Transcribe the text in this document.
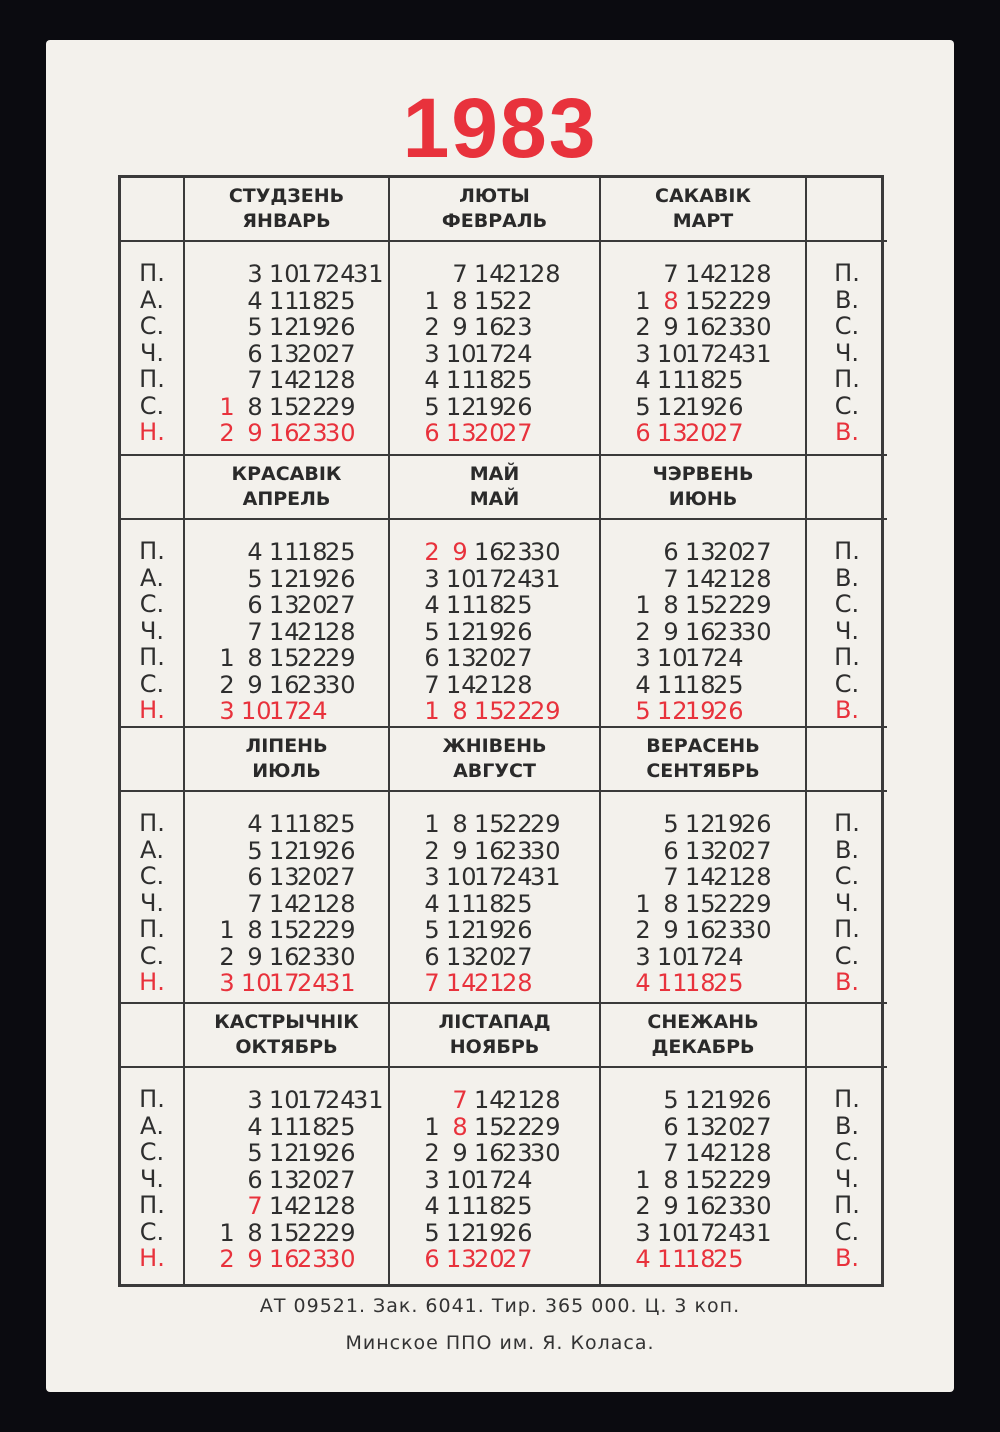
1983
СТУДЗЕНЬ
ЯНВАРЬ
ЛЮТЫ
ФЕВРАЛЬ
САКАВІК
МАРТ
П.
А.
С.
Ч.
П.
С.
Н.
3 10
17
24
31
4 11
18
25
5 12
19
26
6 13
20
27
7 14
21
28
1 8 15
22
29
2 9 16
23
30
7 14
21
28
1 8 15
22
2 9 16
23
3 10
17
24
4 11
18
25
5 12
19
26
6 13
20
27
7 14
21
28
1 8 15
22
29
2 9 16
23
30
3 10
17
24
31
4 11
18
25
5 12
19
26
6 13
20
27
П.
В.
С.
Ч.
П.
С.
В.
КРАСАВІК
АПРЕЛЬ
МАЙ
МАЙ
ЧЭРВЕНЬ
ИЮНЬ
П.
А.
С.
Ч.
П.
С.
Н.
4 11
18
25
5 12
19
26
6 13
20
27
7 14
21
28
1 8 15
22
29
2 9 16
23
30
3 10
17
24
2 9 16
23
30
3 10
17
24
31
4 11
18
25
5 12
19
26
6 13
20
27
7 14
21
28
1 8 15
22
29
6 13
20
27
7 14
21
28
1 8 15
22
29
2 9 16
23
30
3 10
17
24
4 11
18
25
5 12
19
26
П.
В.
С.
Ч.
П.
С.
В.
ЛІПЕНЬ
ИЮЛЬ
ЖНІВЕНЬ
АВГУСТ
ВЕРАСЕНЬ
СЕНТЯБРЬ
П.
А.
С.
Ч.
П.
С.
Н.
4 11
18
25
5 12
19
26
6 13
20
27
7 14
21
28
1 8 15
22
29
2 9 16
23
30
3 10
17
24
31
1 8 15
22
29
2 9 16
23
30
3 10
17
24
31
4 11
18
25
5 12
19
26
6 13
20
27
7 14
21
28
5 12
19
26
6 13
20
27
7 14
21
28
1 8 15
22
29
2 9 16
23
30
3 10
17
24
4 11
18
25
П.
В.
С.
Ч.
П.
С.
В.
КАСТРЫЧНІК
ОКТЯБРЬ
ЛІСТАПАД
НОЯБРЬ
СНЕЖАНЬ
ДЕКАБРЬ
П.
А.
С.
Ч.
П.
С.
Н.
3 10
17
24
31
4 11
18
25
5 12
19
26
6 13
20
27
7 14
21
28
1 8 15
22
29
2 9 16
23
30
7 14
21
28
1 8 15
22
29
2 9 16
23
30
3 10
17
24
4 11
18
25
5 12
19
26
6 13
20
27
5 12
19
26
6 13
20
27
7 14
21
28
1 8 15
22
29
2 9 16
23
30
3 10
17
24
31
4 11
18
25
П.
В.
С.
Ч.
П.
С.
В.
АТ 09521. Зак. 6041. Тир. 365 000. Ц. 3 коп.
Минское ППО им. Я. Коласа.
